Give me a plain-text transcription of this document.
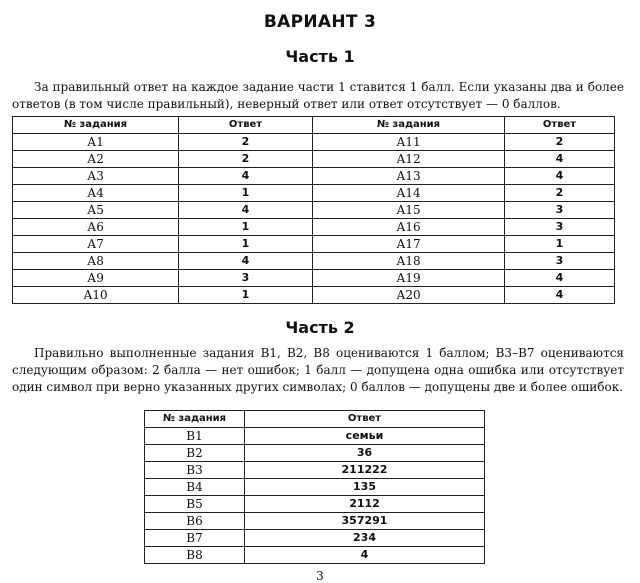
ВАРИАНТ 3
Часть 1

За правильный ответ на каждое задание части 1 ставится 1 балл. Если указаны два и более ответов (в том числе правильный), неверный ответ или ответ отсутствует — 0 баллов.

№ задания	Ответ	№ задания	Ответ
А1	2	А11	2
А2	2	А12	4
А3	4	А13	4
А4	1	А14	2
А5	4	А15	3
А6	1	А16	3
А7	1	А17	1
А8	4	А18	3
А9	3	А19	4
А10	1	А20	4
Часть 2

Правильно выполненные задания В1, В2, В8 оцениваются 1 баллом; В3–В7 оцениваются следующим образом: 2 балла — нет ошибок; 1 балл — допущена одна ошибка или отсутствует один символ при верно указанных других символах; 0 баллов — допущены две и более ошибок.

№ задания	Ответ
В1	семьи
В2	36
В3	211222
В4	135
В5	2112
В6	357291
В7	234
В8	4
3
